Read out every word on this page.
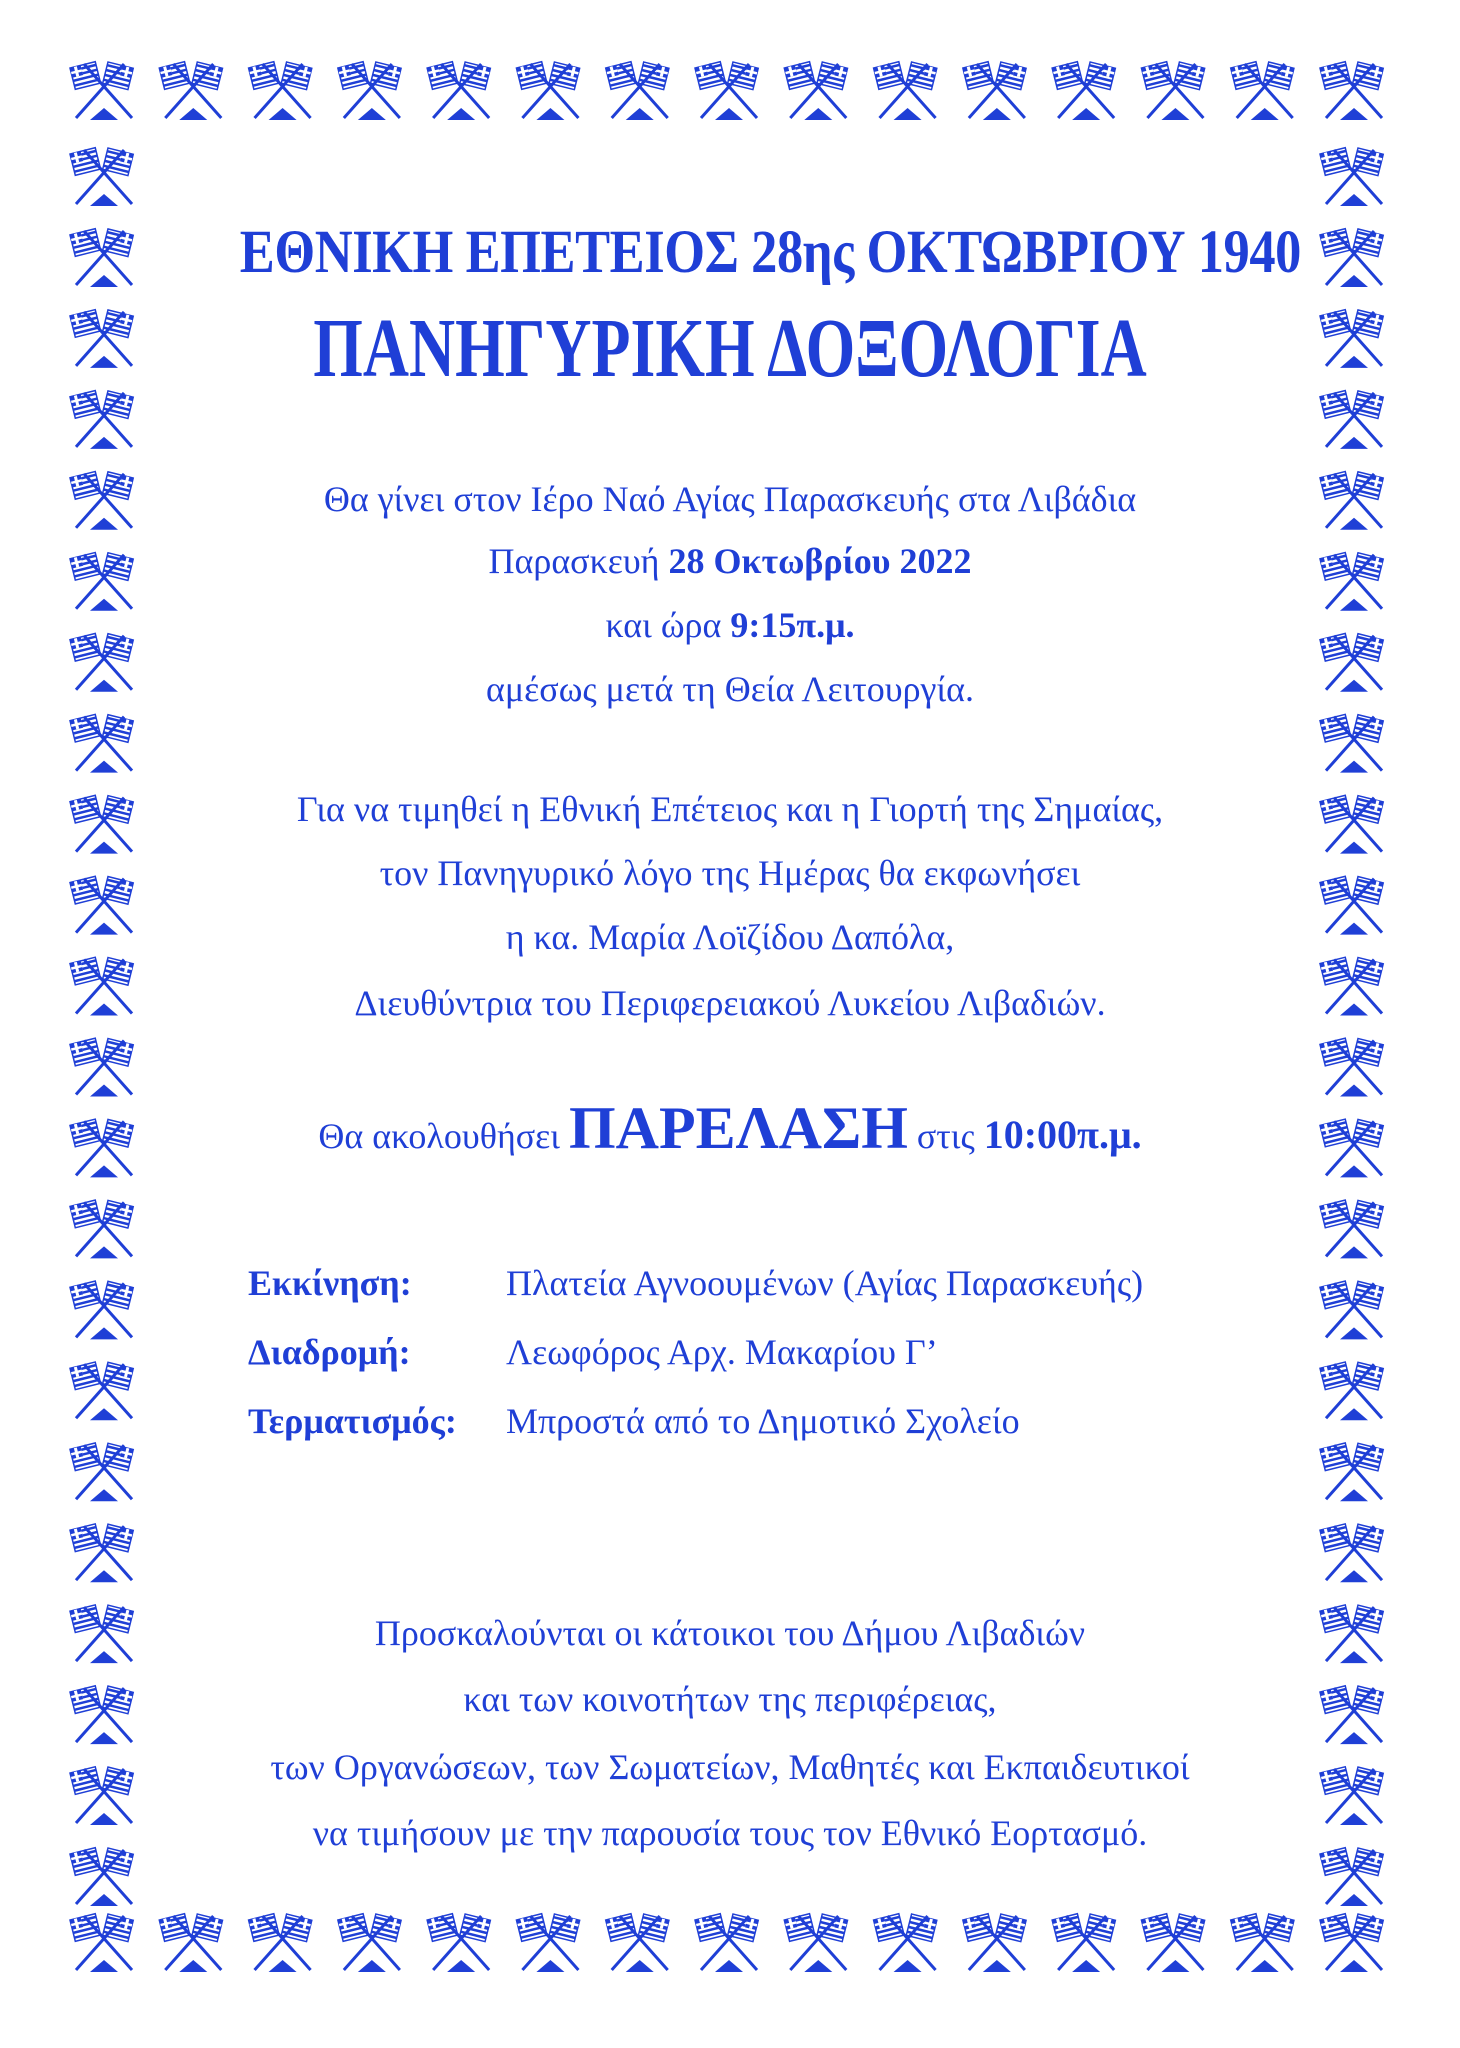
ΕΘΝΙΚΗ ΕΠΕΤΕΙΟΣ 28ης ΟΚΤΩΒΡΙΟΥ 1940
ΠΑΝΗΓΥΡΙΚΗ ΔΟΞΟΛΟΓΙΑ
Θα γίνει στον Ιέρο Ναό Αγίας Παρασκευής στα Λιβάδια
Παρασκευή 28 Οκτωβρίου 2022
και ώρα 9:15π.μ.
αμέσως μετά τη Θεία Λειτουργία.
Για να τιμηθεί η Εθνική Επέτειος και η Γιορτή της Σημαίας,
τον Πανηγυρικό λόγο της Ημέρας θα εκφωνήσει
η κα. Μαρία Λοϊζίδου Δαπόλα,
Διευθύντρια του Περιφερειακού Λυκείου Λιβαδιών.
Θα ακολουθήσει ΠΑΡΕΛΑΣΗ στις 10:00π.μ.
Εκκίνηση:	Πλατεία Αγνοουμένων (Αγίας Παρασκευής)
Διαδρομή:	Λεωφόρος Αρχ. Μακαρίου Γ’
Τερματισμός: Μπροστά από το Δημοτικό Σχολείο
Προσκαλούνται οι κάτοικοι του Δήμου Λιβαδιών
και των κοινοτήτων της περιφέρειας,
των Οργανώσεων, των Σωματείων, Μαθητές και Εκπαιδευτικοί
να τιμήσουν με την παρουσία τους τον Εθνικό Εορτασμό.
